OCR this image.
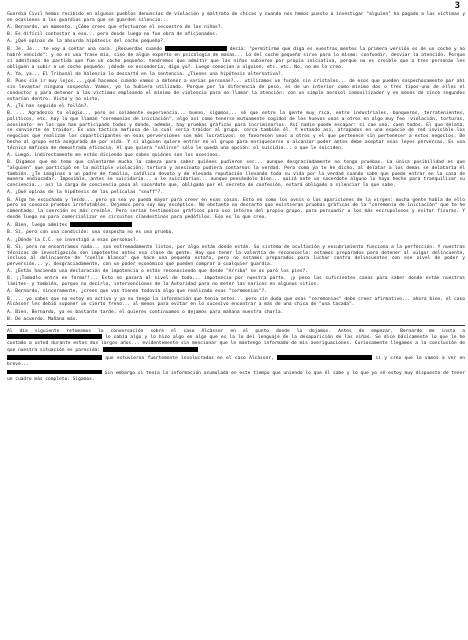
3

Guardia Civil hemos recibido en algunos pueblos denuncias de violación y maltrato de chicas y cuando nos hemos puesto a investigar "alguien" ha pagado a las víctimas y en ocasiones a los guardias para que se guarden silencio...

A. Bernardo, un momento. ¿Cómo crees que efectuaron el secuestro de las niñas?.

B. Es difícil contestar a eso... pero desde luego no fue obra de aficionados.

A. ¿Qué opinas de la absurda hipótesis del coche pequeño?.

B. Je. Je... te voy a contar una cosa. ¿Recuerdas cuando	decía: "permitirme que diga es vuestras mentes la primera versión es de un coche y no habré vencido": y no es una frase mía, sino de algún experto en psicología de masas... Lo del coche pequeño sirve para lo mismo: confundir, desviar la atención. Porque si admitimos de partida que fue un coche pequeño, tendremos que admitir que las niñas subieron por propia iniciativa, porque no es creíble que a tres personas les obliguen a subir a un coche pequeño: ¡dónde se escondería, digo yo?. Luego conocían a alguien, etc. etc. No, no me lo creo.

A. Ya, ya... El Tribunal de Valencia lo descartó en la sentencia. ¿Tienes una hipótesis alternativa?.

B. Pues sin ir muy lejos... ¿qué hacemos cuando vamos a detener a varias personas?... utilizamos un furgón sin cristales... de esos que pueden sospechosamente por ahí sin levantar ninguna sospecha. Vamos, yo lo hubiera utilizado. Porque por la diferencia de peso, es de un interior como minimo dos o tres tipos-uno de ellos el conductor y para detener a las víctimas empleando el mínimo de violencia para no llamar la atención: con un simple aerosol inmovilizador y en menos de cinco segundos estarían dentro. Visto y no visto.

A. ¿Tú has seguido el follón?.

B. ... Agradezco tu elogio... pero es solamente experiencia... bueno, sigamos... sé que entre la gente muy rica, entre industriales, banqueros, terratenientes, políticos, etc. hay lo que llaman "ceremonias de iniciación", algo así como tenerse mutuamente cogidos de los huevos unos a otros en algo muy feo -violación, torturas, asesinato- en los que han participado todos y donde, además, hay pruebas gráficas para incriminarlos. Así nadie puede escapar: si cae uno, caen todos. El que delata, se convierte en traidor. Es una táctica mafiosa de la cual sería traidor al grupo, cerca también él. Y estando así, atrapados en una especie de red invisible los negocios que realizan los copartícipantes en esas perversiones son más lucrativos: se favorecen unos a otros y el que pertenece sin pertenecer a estos negocios. De hecho al grupo está asegurado de por vida. Y si alguien quiere entrar en el grupo para enriquecerse o alcanzar poder antes debe aceptar esas leyes perversas. Es una técnica mafiosa de demostrada eficacia. Al que quiera "salirse" sólo le queda una opción: el suicidio... o que le suiciden.

A. Luego, indirectamente me estás diciendo que sabes quiénes son los asesinos.

B. Digamos que me temo que calentarme mucho la cabeza para saber quiénes pudieron ser... aunque desgraciadamente no tengo pruebas. La única posibilidad es que "alguien" que participó en la múltiple violación, tortura y asesinato pudiera contarnos la verdad. Pero como ya te he dicho, al delatar a los demás se delataría él también. ¿Te imaginas a un padre de familia, católico devoto y de elevada reputación llevando toda su vida por la verdad cuando sabe que puede entrar en la casa de manera endiosada?. Imposible, antes se suicidaría... o le suicidarían... aunque pensándolo bien... quizá ante un sacerdote alguno lo haya hecho para tranquilizar su conciencia... así la carga de conciencia pasa al sacerdote que, obligado por el secreto de confesión, estará obligado a silenciar lo que sabe.

A. ¿Qué opinas de la hipótesis de las películas "snuff"?.

B. Algo he escuchado y leído... pero ya sea yo pueda mayor para creer en esas cosas. Esto en como los ovnis o las apariciones de la virgen: mucha gente habla de ello pero no conozco pruebas irrefutables. Dejemos pero soy muy escéptico. No obstante no descarto que existieran pruebas gráficas de la "ceremonia de iniciación" que te he comentado: la coerción es más creíble. Pero serían testimonios gráficos para uso interno del propio grupo, para persuadir a los más escrupulosos y evitar fisuras. Y desde luego no para comercializar en circuitos clandestinos para pedófilos. Eso es lo que creo.

A. Bien, luego admites

B. Sí, pero con una condición: una sospecha no es una prueba.

A. ¿Dónde la C.C. se investigó a esas personas?.

B. Sí, pero no encontramos nada... son extremadamente listos, por algo están donde están. Su sistema de ocultación y encubrimiento funciona a la perfección. Y nuestras técnicas de investigación son impotentes antes esa clase de gente. Hay que tener la valentía de reconocerlo: estamos preparados para detener al vulgar delincuente, incluso al delincuente de "cuello blanco" que hace una pequeña estafa, pero no estamos preparados para luchar contra delincuentes con ese nivel de poder y perversión... y, desgraciadamente, con un poder económico que pueden comprar a cualquier guardia.

A. ¿Estás haciendo una declaración de impotencia o estás reconociendo que desde "Arriba" se os paró los pies?.

B. ¡¡Tomadlo entra en forma!!... Esto no pasará al nivel de todo... impotencia por nuestra parte. ¡y peso las suficientes canas para saber donde están nuestros límites- y también, porque no decirlo, intervenciones de la Autoridad para no meter las narices en algunos sitios.

A. Bernardo, sinceramente, ¿crees que vas tienen todavía algo que realizado esas "ceremonias"?.

B. ... yo sabes que no estoy en activo y ya no tengo la información que tenía antes... pero sin duda que esas "ceremonias" debe creer afirmativo... ahora bien, el caso Alcàsser les debió suponer un cierto freno... al menos para evitar en lo sucesivo encontrar a más de una chica de "una tacada".

A. Bien, Bernardo, ya es bastante tarde, el quieres continuamos o dejamos para mañana nuestra charla.

B. De acuerdo. Mañana más.

Al día siguiente retomamos la conversación sobre el caso Alcàsser en el punto donde lo dejamos. Antes de empezar, Bernardo me insta a  lo sabía algo y lo hizo algo en algo que es la lo del lenguaje de la desaparición de las niñas. Se dice básicamente lo que le he contado a usted durante estos dos largos años... evidentemente sin mencionar que le mantengo informado de mis averiguaciones. Curiosamente llegamos a la conclusión de que nuestra situación es parecida:

que estuvieron fuertemente involucradas en el caso Alcàsser,	sí y creo que lo vamos a ver en breve...

Sin embargo si tenía la información acumulada en este tiempo que uniendo lo que él sabe y lo que yo sé estoy muy dispuesto de tener un cuadro más completo. Sigamos.
